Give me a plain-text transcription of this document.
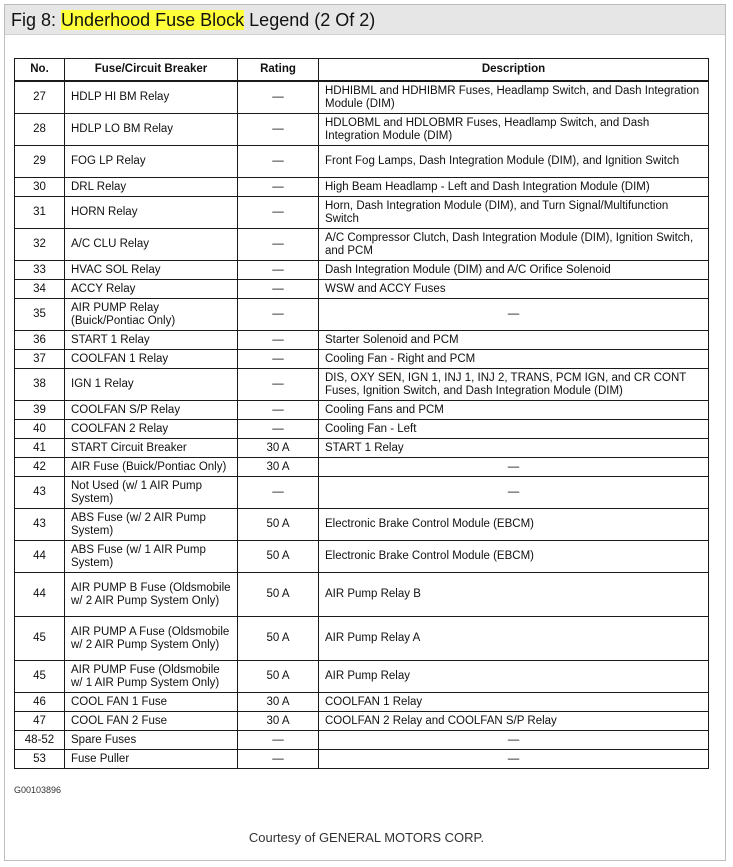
Fig 8: Underhood Fuse Block Legend (2 Of 2)
No.	Fuse/Circuit Breaker	Rating	Description
27	HDLP HI BM Relay	—	HDHIBML and HDHIBMR Fuses, Headlamp Switch, and Dash Integration Module (DIM)
28	HDLP LO BM Relay	—	HDLOBML and HDLOBMR Fuses, Headlamp Switch, and Dash Integration Module (DIM)
29	FOG LP Relay	—	Front Fog Lamps, Dash Integration Module (DIM), and Ignition Switch
30	DRL Relay	—	High Beam Headlamp - Left and Dash Integration Module (DIM)
31	HORN Relay	—	Horn, Dash Integration Module (DIM), and Turn Signal/Multifunction Switch
32	A/C CLU Relay	—	A/C Compressor Clutch, Dash Integration Module (DIM), Ignition Switch, and PCM
33	HVAC SOL Relay	—	Dash Integration Module (DIM) and A/C Orifice Solenoid
34	ACCY Relay	—	WSW and ACCY Fuses
35	AIR PUMP Relay (Buick/Pontiac Only)	—	—
36	START 1 Relay	—	Starter Solenoid and PCM
37	COOLFAN 1 Relay	—	Cooling Fan - Right and PCM
38	IGN 1 Relay	—	DIS, OXY SEN, IGN 1, INJ 1, INJ 2, TRANS, PCM IGN, and CR CONT Fuses, Ignition Switch, and Dash Integration Module (DIM)
39	COOLFAN S/P Relay	—	Cooling Fans and PCM
40	COOLFAN 2 Relay	—	Cooling Fan - Left
41	START Circuit Breaker	30 A	START 1 Relay
42	AIR Fuse (Buick/Pontiac Only)	30 A	—
43	Not Used (w/ 1 AIR Pump System)	—	—
43	ABS Fuse (w/ 2 AIR Pump System)	50 A	Electronic Brake Control Module (EBCM)
44	ABS Fuse (w/ 1 AIR Pump System)	50 A	Electronic Brake Control Module (EBCM)
44	AIR PUMP B Fuse (Oldsmobile w/ 2 AIR Pump System Only)	50 A	AIR Pump Relay B
45	AIR PUMP A Fuse (Oldsmobile w/ 2 AIR Pump System Only)	50 A	AIR Pump Relay A
45	AIR PUMP Fuse (Oldsmobile w/ 1 AIR Pump System Only)	50 A	AIR Pump Relay
46	COOL FAN 1 Fuse	30 A	COOLFAN 1 Relay
47	COOL FAN 2 Fuse	30 A	COOLFAN 2 Relay and COOLFAN S/P Relay
48-52	Spare Fuses	—	—
53	Fuse Puller	—	—
G00103896
Courtesy of GENERAL MOTORS CORP.
